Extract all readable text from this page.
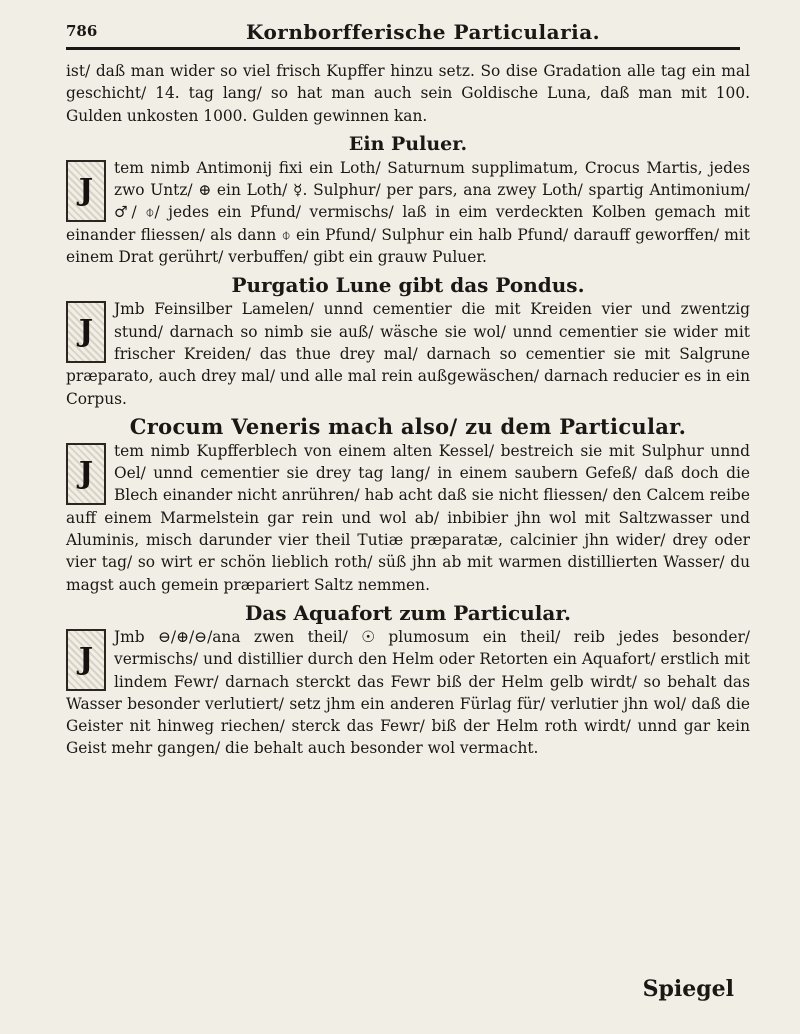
786	Kornborfferische Particularia.

ist/ daß man wider so viel frisch Kupffer hinzu setz. So dise Gradation alle tag ein mal geschicht/ 14. tag lang/ so hat man auch sein Goldische Luna, daß man mit 100. Gulden unkosten 1000. Gulden gewinnen kan.

Ein Puluer.

J
tem nimb Antimonij fixi ein Loth/ Saturnum supplimatum, Crocus Martis, jedes zwo Untz/ ⊕ ein Loth/ ☿. Sulphur/ per pars, ana zwey Loth/ spartig Antimonium/ ♂/ ⌽/ jedes ein Pfund/ vermischs/ laß in eim verdeckten Kolben gemach mit einander fliessen/ als dann ⌽ ein Pfund/ Sulphur ein halb Pfund/ darauff geworffen/ mit einem Drat gerührt/ verbuffen/ gibt ein grauw Puluer.

Purgatio Lune gibt das Pondus.

J
Jmb Feinsilber Lamelen/ unnd cementier die mit Kreiden vier und zwentzig stund/ darnach so nimb sie auß/ wäsche sie wol/ unnd cementier sie wider mit frischer Kreiden/ das thue drey mal/ darnach so cementier sie mit Salgrune præparato, auch drey mal/ und alle mal rein außgewäschen/ darnach reducier es in ein Corpus.

Crocum Veneris mach also/ zu dem Particular.

J
tem nimb Kupfferblech von einem alten Kessel/ bestreich sie mit Sulphur unnd Oel/ unnd cementier sie drey tag lang/ in einem saubern Gefeß/ daß doch die Blech einander nicht anrühren/ hab acht daß sie nicht fliessen/ den Calcem reibe auff einem Marmelstein gar rein und wol ab/ inbibier jhn wol mit Saltzwasser und Aluminis, misch darunder vier theil Tutiæ præparatæ, calcinier jhn wider/ drey oder vier tag/ so wirt er schön lieblich roth/ süß jhn ab mit warmen distillierten Wasser/ du magst auch gemein præpariert Saltz nemmen.

Das Aquafort zum Particular.

J
Jmb ⊖/⊕/⊖/ana zwen theil/ ☉ plumosum ein theil/ reib jedes besonder/ vermischs/ und distillier durch den Helm oder Retorten ein Aquafort/ erstlich mit lindem Fewr/ darnach sterckt das Fewr biß der Helm gelb wirdt/ so behalt das Wasser besonder verlutiert/ setz jhm ein anderen Fürlag für/ verlutier jhn wol/ daß die Geister nit hinweg riechen/ sterck das Fewr/ biß der Helm roth wirdt/ unnd gar kein Geist mehr gangen/ die behalt auch besonder wol vermacht.

Spiegel
